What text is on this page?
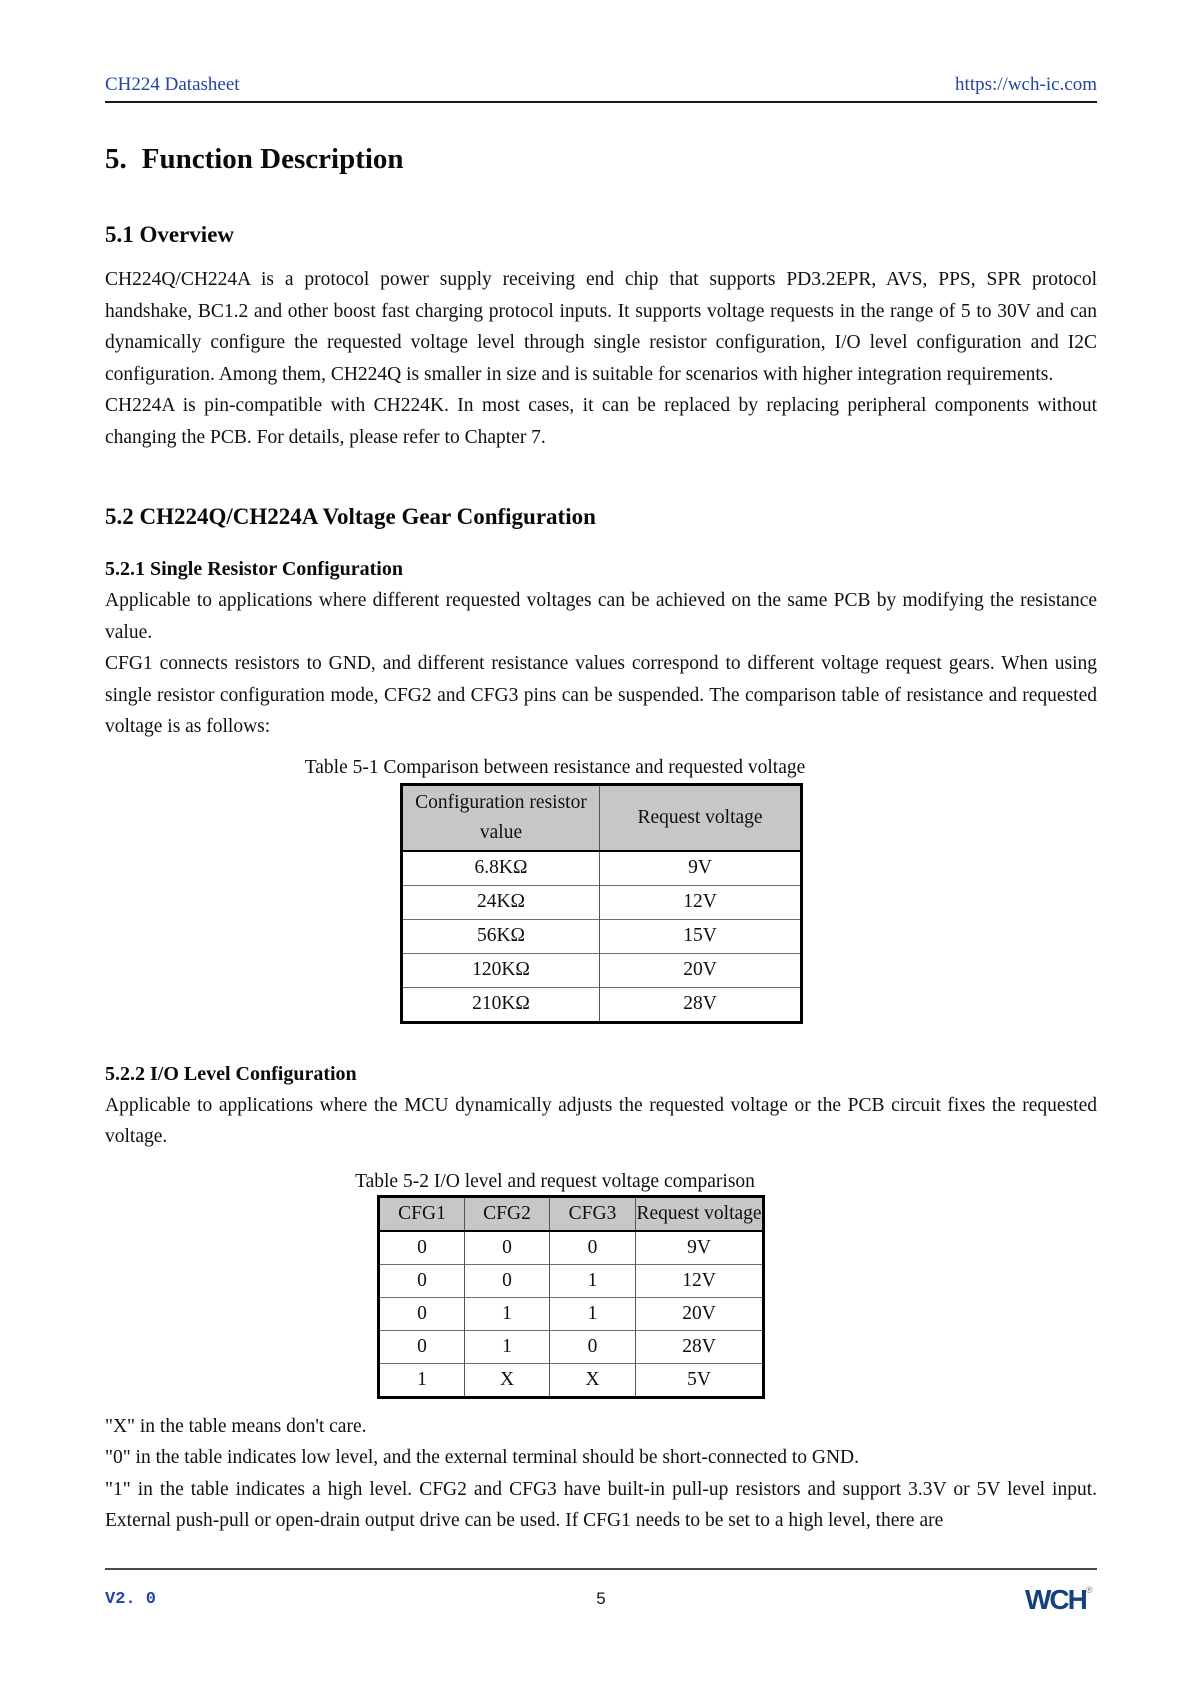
CH224 Datasheet	https://wch-ic.com
5. Function Description
5.1 Overview

CH224Q/CH224A is a protocol power supply receiving end chip that supports PD3.2EPR, AVS, PPS, SPR protocol handshake, BC1.2 and other boost fast charging protocol inputs. It supports voltage requests in the range of 5 to 30V and can dynamically configure the requested voltage level through single resistor configuration, I/O level configuration and I2C configuration. Among them, CH224Q is smaller in size and is suitable for scenarios with higher integration requirements.

CH224A is pin-compatible with CH224K. In most cases, it can be replaced by replacing peripheral components without changing the PCB. For details, please refer to Chapter 7.

5.2 CH224Q/CH224A Voltage Gear Configuration
5.2.1 Single Resistor Configuration

Applicable to applications where different requested voltages can be achieved on the same PCB by modifying the resistance value.

CFG1 connects resistors to GND, and different resistance values correspond to different voltage request gears. When using single resistor configuration mode, CFG2 and CFG3 pins can be suspended. The comparison table of resistance and requested voltage is as follows:

Table 5-1 Comparison between resistance and requested voltage
Configuration resistor value	Request voltage
6.8KΩ	9V
24KΩ	12V
56KΩ	15V
120KΩ	20V
210KΩ	28V
5.2.2 I/O Level Configuration

Applicable to applications where the MCU dynamically adjusts the requested voltage or the PCB circuit fixes the requested voltage.

Table 5-2 I/O level and request voltage comparison
CFG1	CFG2	CFG3	Request voltage
0	0	0	9V
0	0	1	12V
0	1	1	20V
0	1	0	28V
1	X	X	5V

"X" in the table means don't care.

"0" in the table indicates low level, and the external terminal should be short-connected to GND.

"1" in the table indicates a high level. CFG2 and CFG3 have built-in pull-up resistors and support 3.3V or 5V level input. External push-pull or open-drain output drive can be used. If CFG1 needs to be set to a high level, there are

V2. 0	5	WCH ®
